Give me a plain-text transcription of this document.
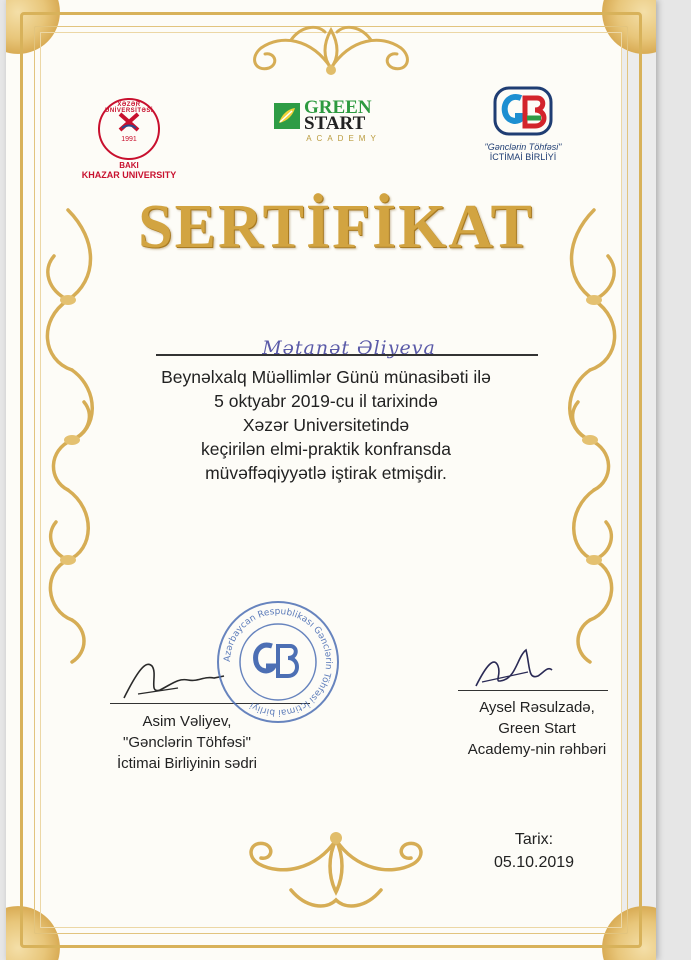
XƏZƏR UNİVERSİTƏSİ
1991
BAKI
KHAZAR UNIVERSITY
GREEN
START
ACADEMY
"Gənclərin Töhfəsi"
İCTİMAİ BİRLİYİ
SERTİFİKAT
Mətanət Əliyeva
Beynəlxalq Müəllimlər Günü münasibəti ilə
5 oktyabr 2019-cu il tarixində
Xəzər Universitetində
keçirilən elmi-praktik konfransda
müvəffəqiyyətlə iştirak etmişdir.
Azərbaycan Respublikası Gənclərin Töhfəsi İctimai birliyi
Asim Vəliyev,
"Gənclərin Töhfəsi"
İctimai Birliyinin sədri
Aysel Rəsulzadə,
Green Start
Academy-nin rəhbəri
Tarix:
05.10.2019
